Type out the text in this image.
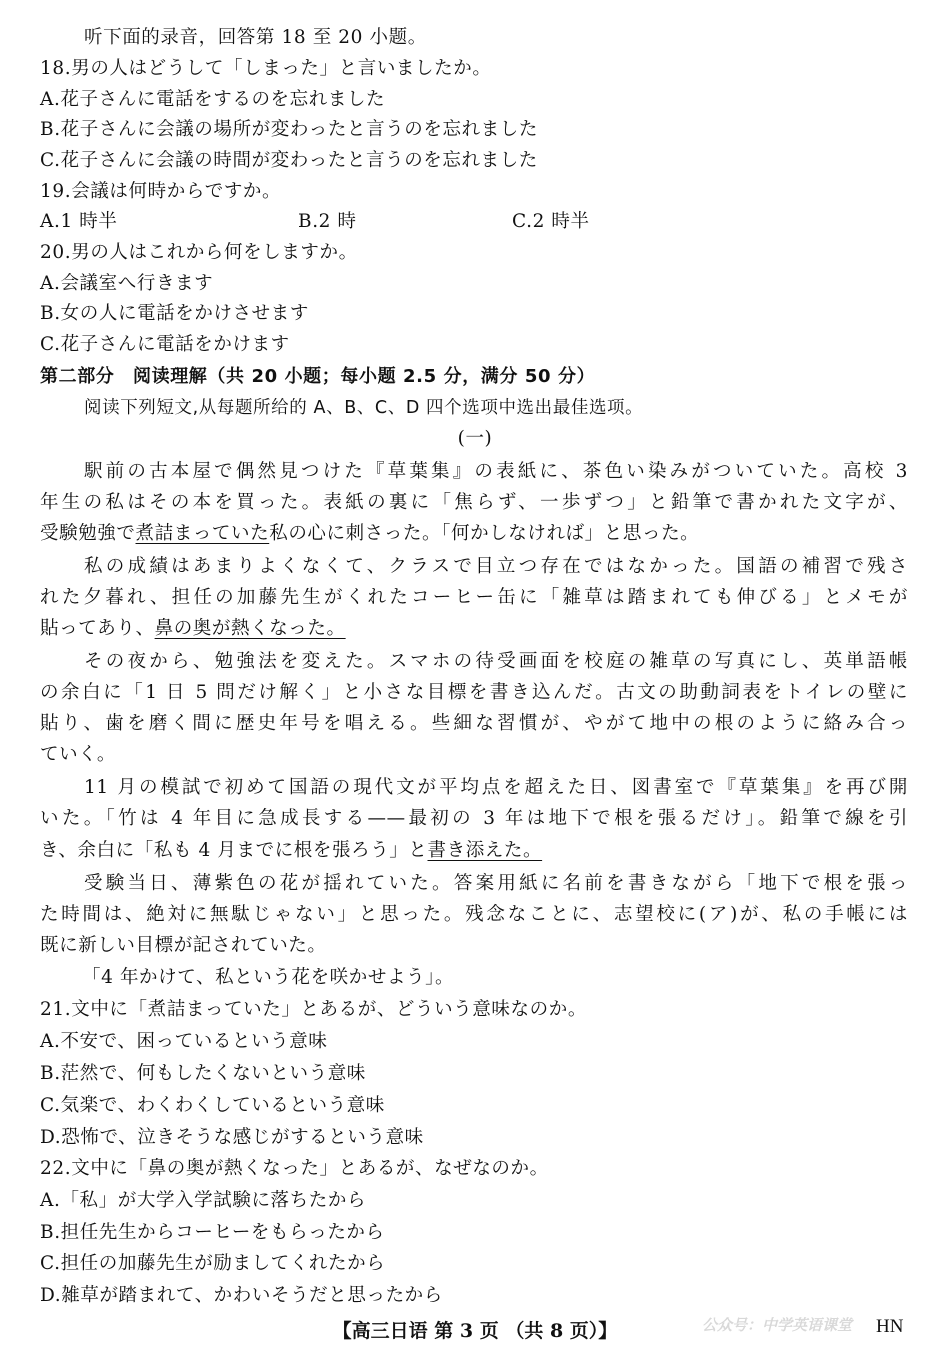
听下面的录音，回答第 18 至 20 小题。
18.男の人はどうして「しまった」と言いましたか。
A.花子さんに電話をするのを忘れました
B.花子さんに会議の場所が変わったと言うのを忘れました
C.花子さんに会議の時間が変わったと言うのを忘れました
19.会議は何時からですか。
A.1 時半	B.2 時	C.2 時半
20.男の人はこれから何をしますか。
A.会議室へ行きます
B.女の人に電話をかけさせます
C.花子さんに電話をかけます
第二部分　阅读理解（共 20 小题；每小题 2.5 分，满分 50 分）
阅读下列短文,从每题所给的 A、B、C、D 四个选项中选出最佳选项。
(一)
駅前の古本屋で偶然見つけた『草葉集』の表紙に、茶色い染みがついていた。高校 3
年生の私はその本を買った。表紙の裏に「焦らず、一歩ずつ」と鉛筆で書かれた文字が、
受験勉強で煮詰まっていた私の心に刺さった。「何かしなければ」と思った。
私の成績はあまりよくなくて、クラスで目立つ存在ではなかった。国語の補習で残さ
れた夕暮れ、担任の加藤先生がくれたコーヒー缶に「雑草は踏まれても伸びる」とメモが
貼ってあり、鼻の奥が熱くなった。
その夜から、勉強法を変えた。スマホの待受画面を校庭の雑草の写真にし、英単語帳
の余白に「1 日 5 問だけ解く」と小さな目標を書き込んだ。古文の助動詞表をトイレの壁に
貼り、歯を磨く間に歴史年号を唱える。些細な習慣が、やがて地中の根のように絡み合っ
ていく。
11 月の模試で初めて国語の現代文が平均点を超えた日、図書室で『草葉集』を再び開
いた。「竹は 4 年目に急成長する——最初の 3 年は地下で根を張るだけ」。鉛筆で線を引
き、余白に「私も 4 月までに根を張ろう」と書き添えた。
受験当日、薄紫色の花が揺れていた。答案用紙に名前を書きながら「地下で根を張っ
た時間は、絶対に無駄じゃない」と思った。残念なことに、志望校に(ア)が、私の手帳には
既に新しい目標が記されていた。
「4 年かけて、私という花を咲かせよう」。
21.文中に「煮詰まっていた」とあるが、どういう意味なのか。
A.不安で、困っているという意味
B.茫然で、何もしたくないという意味
C.気楽で、わくわくしているという意味
D.恐怖で、泣きそうな感じがするという意味
22.文中に「鼻の奥が熱くなった」とあるが、なぜなのか。
A.「私」が大学入学試験に落ちたから
B.担任先生からコーヒーをもらったから
C.担任の加藤先生が励ましてくれたから
D.雑草が踏まれて、かわいそうだと思ったから
【高三日语 第 3 页 （共 8 页）】	公众号：中学英语课堂 HN
